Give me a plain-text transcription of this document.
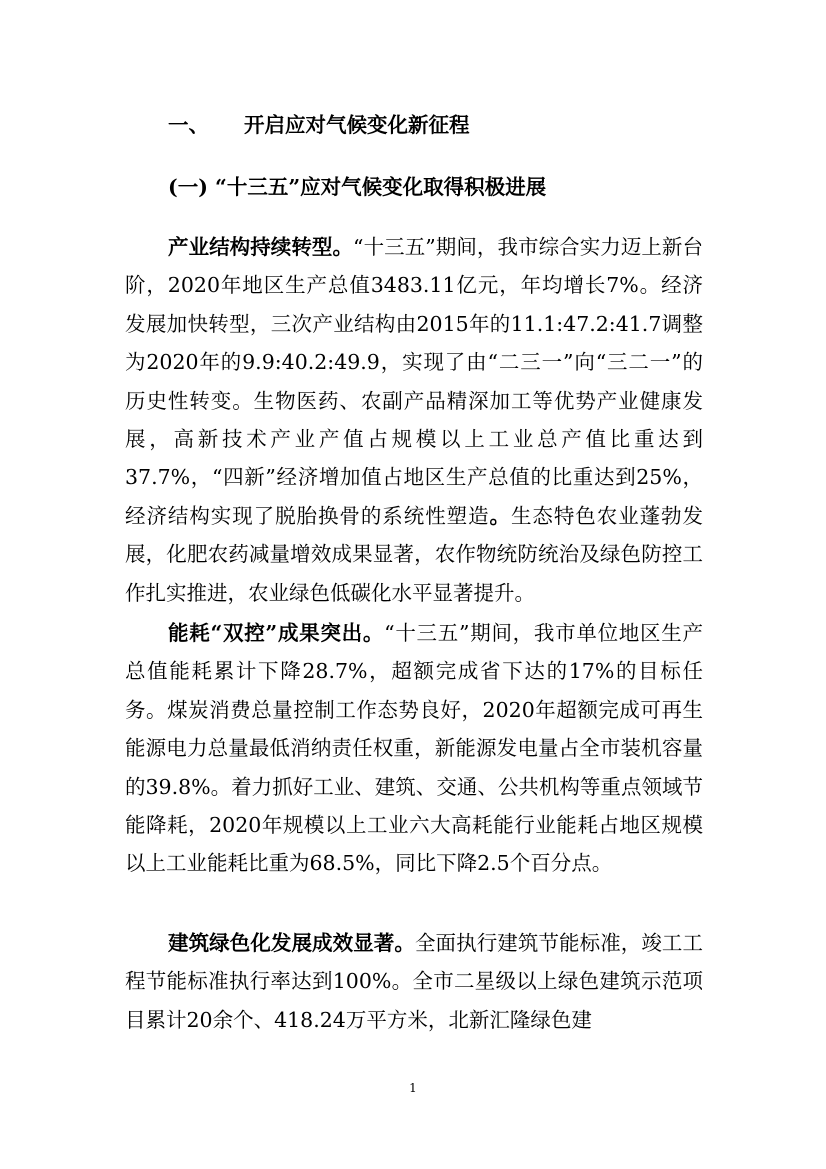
一、 开启应对气候变化新征程
(一) “十三五”应对气候变化取得积极进展

产业结构持续转型。“十三五”期间，我市综合实力迈上新台阶，2020年地区生产总值3483.11亿元，年均增长7%。经济发展加快转型，三次产业结构由2015年的11.1:47.2:41.7调整为2020年的9.9:40.2:49.9，实现了由“二三一”向“三二一”的历史性转变。生物医药、农副产品精深加工等优势产业健康发展，高新技术产业产值占规模以上工业总产值比重达到37.7%，“四新”经济增加值占地区生产总值的比重达到25%，经济结构实现了脱胎换骨的系统性塑造。生态特色农业蓬勃发展，化肥农药减量增效成果显著，农作物统防统治及绿色防控工作扎实推进，农业绿色低碳化水平显著提升。

能耗“双控”成果突出。“十三五”期间，我市单位地区生产总值能耗累计下降28.7%，超额完成省下达的17%的目标任务。煤炭消费总量控制工作态势良好，2020年超额完成可再生能源电力总量最低消纳责任权重，新能源发电量占全市装机容量的39.8%。着力抓好工业、建筑、交通、公共机构等重点领域节能降耗，2020年规模以上工业六大高耗能行业能耗占地区规模以上工业能耗比重为68.5%，同比下降2.5个百分点。

建筑绿色化发展成效显著。全面执行建筑节能标准，竣工工程节能标准执行率达到100%。全市二星级以上绿色建筑示范项目累计20余个、418.24万平方米，北新汇隆绿色建

1
